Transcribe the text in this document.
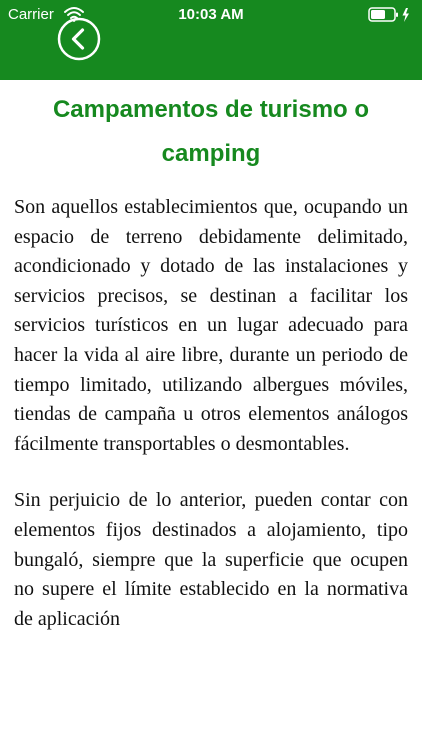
Carrier	10:03 AM
Campamentos de turismo o camping

Son aquellos establecimientos que, ocupando un espacio de terreno debidamente delimitado, acondicionado y dotado de las instalaciones y servicios precisos, se destinan a facilitar los servicios turísticos en un lugar adecuado para hacer la vida al aire libre, durante un periodo de tiempo limitado, utilizando albergues móviles, tiendas de campaña u otros elementos análogos fácilmente transportables o desmontables.

Sin perjuicio de lo anterior, pueden contar con elementos fijos destinados a alojamiento, tipo bungaló, siempre que la superficie que ocupen no supere el límite establecido en la normativa de aplicación
